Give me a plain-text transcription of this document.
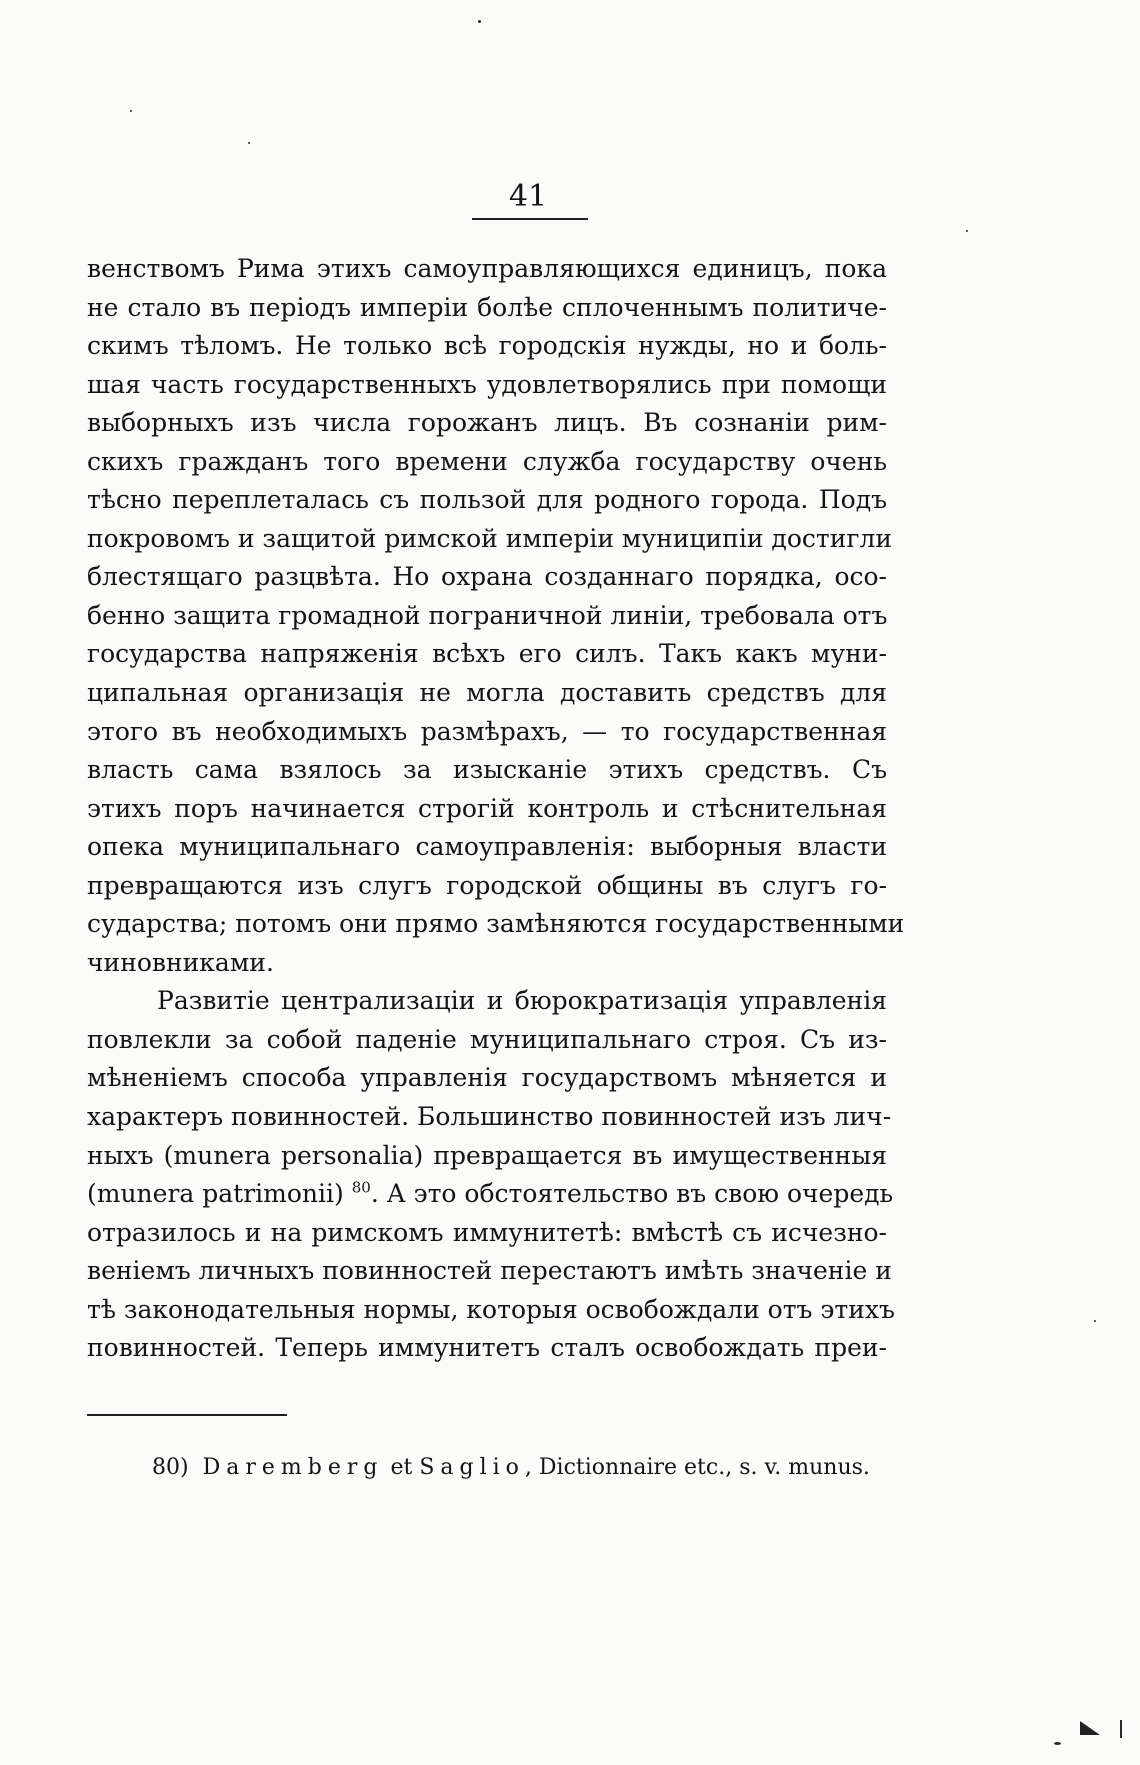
41
венствомъ Рима этихъ самоуправляющихся единицъ, пока
не стало въ періодъ имперіи болѣе сплоченнымъ политиче-
скимъ тѣломъ. Не только всѣ городскія нужды, но и боль-
шая часть государственныхъ удовлетворялись при помощи
выборныхъ изъ числа горожанъ лицъ. Въ сознаніи рим-
скихъ гражданъ того времени служба государству очень
тѣсно переплеталась съ пользой для родного города. Подъ
покровомъ и защитой римской имперіи муниципіи достигли
блестящаго разцвѣта. Но охрана созданнаго порядка, осо-
бенно защита громадной пограничной линіи, требовала отъ
государства напряженія всѣхъ его силъ. Такъ какъ муни-
ципальная организація не могла доставить средствъ для
этого въ необходимыхъ размѣрахъ, — то государственная
власть сама взялось за изысканіе этихъ средствъ. Съ
этихъ поръ начинается строгій контроль и стѣснительная
опека муниципальнаго самоуправленія: выборныя власти
превращаются изъ слугъ городской общины въ слугъ го-
сударства; потомъ они прямо замѣняются государственными
чиновниками.
Развитіе централизаціи и бюрократизація управленія
повлекли за собой паденіе муниципальнаго строя. Съ из-
мѣненіемъ способа управленія государствомъ мѣняется и
характеръ повинностей. Большинство повинностей изъ лич-
ныхъ (munera personalia) превращается въ имущественныя
(munera patrimonii) $^{80}$. А это обстоятельство въ свою очередь
отразилось и на римскомъ иммунитетѣ: вмѣстѣ съ исчезно-
веніемъ личныхъ повинностей перестаютъ имѣть значеніе и
тѣ законодательныя нормы, которыя освобождали отъ этихъ
повинностей. Теперь иммунитетъ сталъ освобождать преи-
80) Daremberg et Saglio, Dictionnaire etc., s. v. munus.
